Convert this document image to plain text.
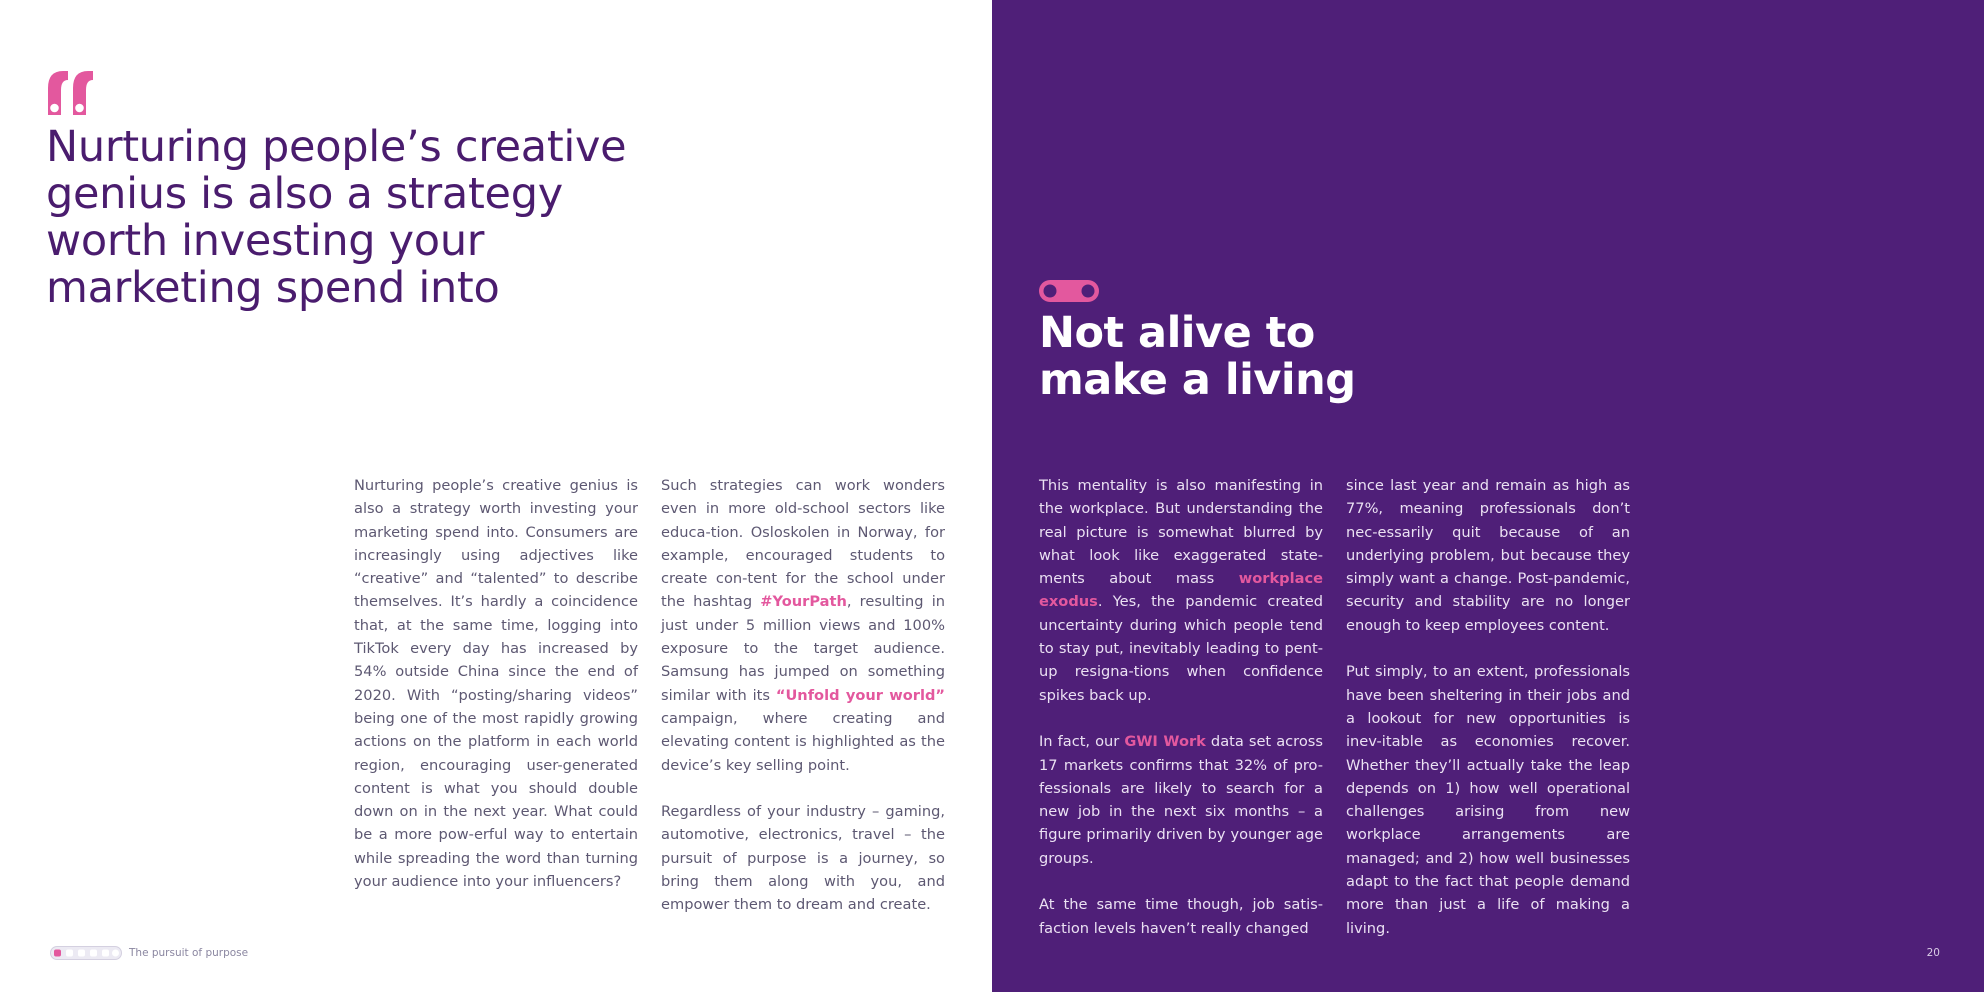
Nurturing people’s creative genius is also a strategy worth investing your marketing spend into

Nurturing people’s creative genius is also a strategy worth investing your marketing spend into. Consumers are increasingly using adjectives like “creative” and “talented” to describe themselves. It’s hardly a coincidence that, at the same time, logging into TikTok every day has increased by 54% outside China since the end of 2020. With “posting/sharing videos” being one of the most rapidly growing actions on the platform in each world region, encouraging user-generated content is what you should double down on in the next year. What could be a more pow-erful way to entertain while spreading the word than turning your audience into your influencers?

Such strategies can work wonders even in more old-school sectors like educa-tion. Osloskolen in Norway, for example, encouraged students to create con-tent for the school under the hashtag #YourPath, resulting in just under 5 million views and 100% exposure to the target audience. Samsung has jumped on something similar with its “Unfold your world” campaign, where creating and elevating content is highlighted as the device’s key selling point.

Regardless of your industry – gaming, automotive, electronics, travel – the pursuit of purpose is a journey, so bring them along with you, and empower them to dream and create.

The pursuit of purpose
Not alive to
make a living

This mentality is also manifesting in the workplace. But understanding the real picture is somewhat blurred by what look like exaggerated state-ments about mass workplace exodus. Yes, the pandemic created uncertainty during which people tend to stay put, inevitably leading to pent-up resigna-tions when confidence spikes back up.

In fact, our GWI Work data set across 17 markets confirms that 32% of pro-fessionals are likely to search for a new job in the next six months – a figure primarily driven by younger age groups.

At the same time though, job satis-faction levels haven’t really changed

since last year and remain as high as 77%, meaning professionals don’t nec-essarily quit because of an underlying problem, but because they simply want a change. Post-pandemic, security and stability are no longer enough to keep employees content.

Put simply, to an extent, professionals have been sheltering in their jobs and a lookout for new opportunities is inev-itable as economies recover. Whether they’ll actually take the leap depends on 1) how well operational challenges arising from new workplace arrangements are managed; and 2) how well businesses adapt to the fact that people demand more than just a life of making a living.

20
